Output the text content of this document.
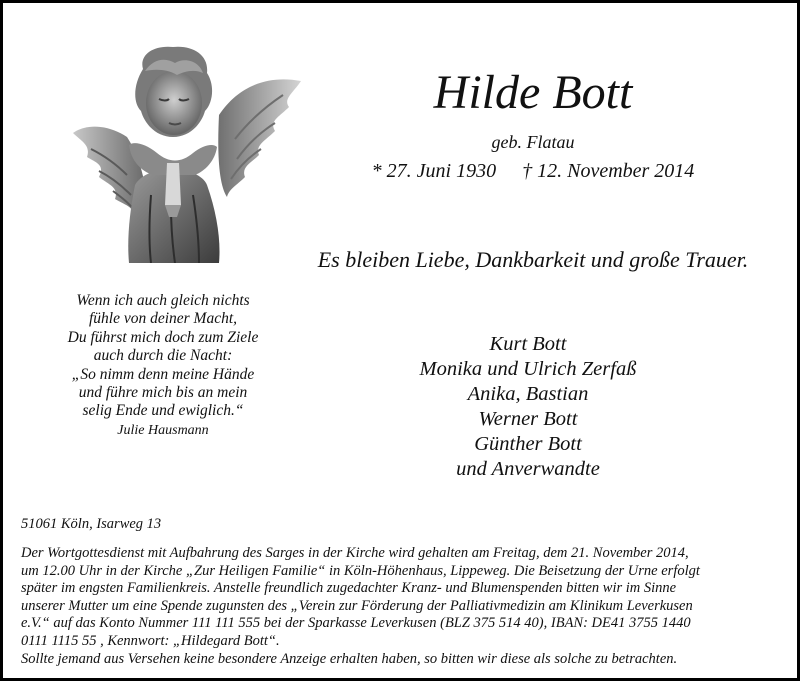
Hilde Bott
geb. Flatau
* 27. Juni 1930 † 12. November 2014
Es bleiben Liebe, Dankbarkeit und große Trauer.
Wenn ich auch gleich nichts
fühle von deiner Macht,
Du führst mich doch zum Ziele
auch durch die Nacht:
„So nimm denn meine Hände
und führe mich bis an mein
selig Ende und ewiglich.“
Julie Hausmann
Kurt Bott
Monika und Ulrich Zerfaß
Anika, Bastian
Werner Bott
Günther Bott
und Anverwandte
51061 Köln, Isarweg 13
Der Wortgottesdienst mit Aufbahrung des Sarges in der Kirche wird gehalten am Freitag, dem 21. November 2014,
um 12.00 Uhr in der Kirche „Zur Heiligen Familie“ in Köln-Höhenhaus, Lippeweg. Die Beisetzung der Urne erfolgt
später im engsten Familienkreis. Anstelle freundlich zugedachter Kranz- und Blumenspenden bitten wir im Sinne
unserer Mutter um eine Spende zugunsten des „Verein zur Förderung der Palliativmedizin am Klinikum Leverkusen
e.V.“ auf das Konto Nummer 111 111 555 bei der Sparkasse Leverkusen (BLZ 375 514 40), IBAN: DE41 3755 1440
0111 1115 55 , Kennwort: „Hildegard Bott“.
Sollte jemand aus Versehen keine besondere Anzeige erhalten haben, so bitten wir diese als solche zu betrachten.
